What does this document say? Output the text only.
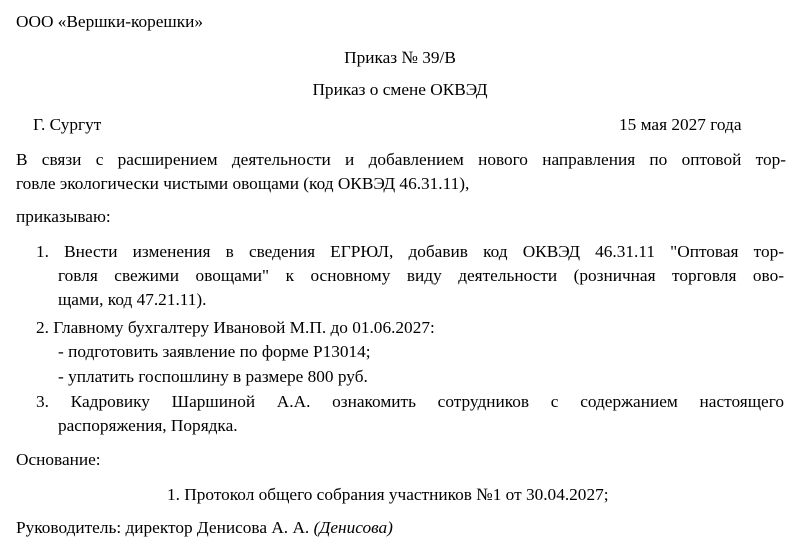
ООО «Вершки-корешки»
Приказ № 39/В
Приказ о смене ОКВЭД
Г. Сургут	15 мая 2027 года
В связи с расширением деятельности и добавлением нового направления по оптовой тор-
говле экологически чистыми овощами (код ОКВЭД 46.31.11),
приказываю:
1. Внести изменения в сведения ЕГРЮЛ, добавив код ОКВЭД 46.31.11 "Оптовая тор-
говля свежими овощами" к основному виду деятельности (розничная торговля ово-
щами, код 47.21.11).
2. Главному бухгалтеру Ивановой М.П. до 01.06.2027:
- подготовить заявление по форме Р13014;
- уплатить госпошлину в размере 800 руб.
3. Кадровику Шаршиной А.А. ознакомить сотрудников с содержанием настоящего
распоряжения, Порядка.
Основание:
1. Протокол общего собрания участников №1 от 30.04.2027;
Руководитель: директор Денисова А. А. (Денисова)
